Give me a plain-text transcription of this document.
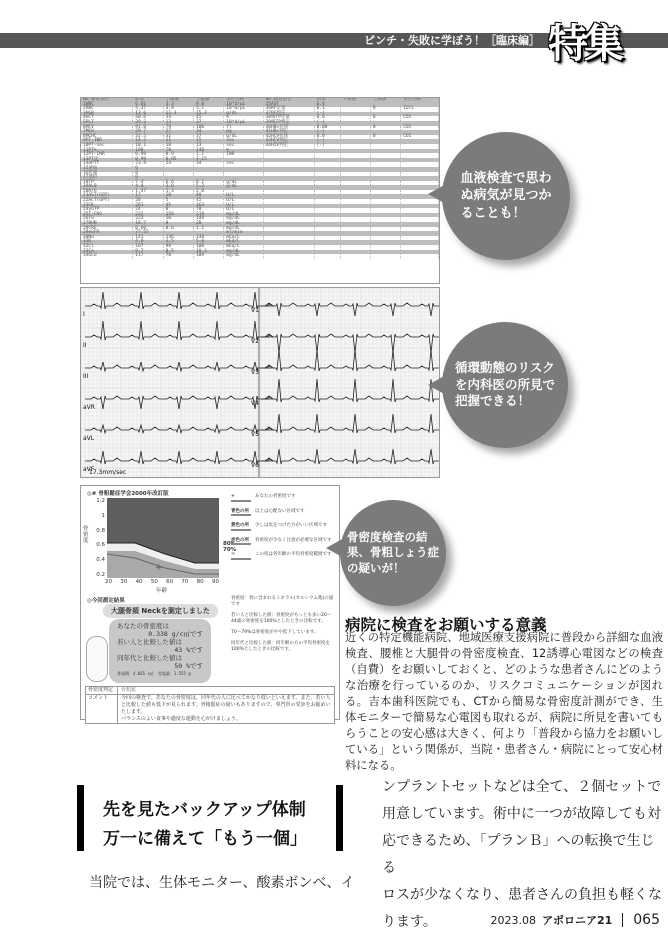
ピンチ・失敗に学ぼう！［臨床編］ 特集
No.検査項目	結果	下限値	上限値	単位名称	No.検査項目	結果	下限値	上限値	単位名称
1WBC	6.01	3.3	9.0	10^3/μL	35AST	6.4			
2RBC	4.37	3.8	5.1	10^6/μL	36RF定量	0.1		0	IU/L
3HGB	13.6	11.3	15.2	g/dL	37RF判定	(-)			
4HCT	40.6	34	45	%	38梅TP定量	0.0		0	COI
5PLT	29.2	13	37	10^4/μL	39梅TP判定	(-)			
6MCV	91.8	79	100	fl	40HBs抗原	0.00		0	COI
7MCH	29.7	27	34	pg	41HBs判定	(-)			
8MCHC	32.5	31	37	g/dL	42HCV抗体	0.0		0	COI
9PT-INR	14.2	11	15	sec	43HCV判定	(-)			
10PT-sec	10.1	10	13	sec	44HIV判定	(-)			
11PT%	100	70	140	%					
12PT-INR	0.99	0.9	1.1	INR					
13PT比	0.99	0.85	1.15						
14APTT	23.9	24	34	sec					
15溶血	0								
16乳糜	0								
17黄疸	0								
18TP	7.4	6.6	8.1	g/dL					
19ALB	4.4	3.8	5.2	g/dL					
20A/G	1.47	1.3	2.0						
21AST(GOT)	17	10	40	U/L					
22ALT(GPT)	28	5	45	U/L					
23CK	201	45	163	U/L					
24γGTP	24	0	70	U/L					
25T-CHO	232	150	219	mg/dL					
26TG	223	50	149	mg/dL					
27BUN	18.7	8	20	mg/dL					
28CRE	0.60	0.6	1.1	mg/dL					
29eGFR	77.55			ml/min					
30Na	141	136	148	mEq/L					
31K	4.0	3.5	5.0	mEq/L					
32Cl	107	98	108	mEq/L					
33Ca	9.7	8.5	10.2	mg/dL					
34GLU	117	70	109	mg/dL					
I
II
III
aVR
aVL
aVF
V1
V2
V3
V4
V5
V6
17.3mm/sec
◎# 骨粗鬆症学会2000年改訂版
+
1.2
1
0.8
0.6
0.4
0.2
骨密度
20 30 40 50 60 70 80 90
年齢
80% 70%
+	あなたの骨密度です
青色の所	以上は心配ない区域です
黄色の所	少しは気をつけた方がいい区域です
赤色の所	骨密度が少なく注意が必要な区域です
＝	この度は各年齢の平均骨密度範囲です
◎今回測定結果
大腿骨頚 Neckを測定しました
あなたの骨密度は
0.338 g/c㎡です
若い人と比較した値は
43 %です
同年代と比較した値は
50 %です
骨面積：4.665 c㎡　骨塩量：1.555 g
骨密度：骨に含まれるミネラル(カルシウム他)の量です
若い人と比較した値：骨密度がもっとも多い20〜44歳の骨密度を100%としたときの比較です。
70〜79%は骨密度がやや低下しています。
同年代と比較した値：同年齢の方の平均骨密度を100%としたときの比較です。
骨密度判定	骨粗鬆
コメント	今回の検査で、あなたの骨密度は、同年代の人に比べてかなり低いといえます。また、若い人と比較した値も低下が見られます。骨粗鬆症の疑いもありますので、専門医の受診をお勧めいたします。
バランスのよい食事や適度な運動を心がけましょう。
血液検査で思わ
ぬ病気が見つか
ることも！
循環動態のリスク
を内科医の所見で
把握できる！
骨密度検査の結
果、骨粗しょう症
の疑いが！
病院に検査をお願いする意義
近くの特定機能病院、地域医療支援病院に普段から詳細な血液検査、腰椎と大腿骨の骨密度検査、12誘導心電図などの検査（自費）をお願いしておくと、どのような患者さんにどのような治療を行っているのか、リスクコミュニケーションが図れる。吉本歯科医院でも、CTから簡易な骨密度計測ができ、生体モニターで簡易な心電図も取れるが、病院に所見を書いてもらうことの安心感は大きく、何より「普段から協力をお願いしている」という関係が、当院・患者さん・病院にとって安心材料になる。
先を見たバックアップ体制
万一に備えて「もう一個」
当院では、生体モニター、酸素ボンベ、イ
ンプラントセットなどは全て、２個セットで
用意しています。術中に一つが故障しても対
応できるため、「プランＢ」への転換で生じる
ロスが少なくなり、患者さんの負担も軽くな
ります。	2023.08 アポロニア21 065
